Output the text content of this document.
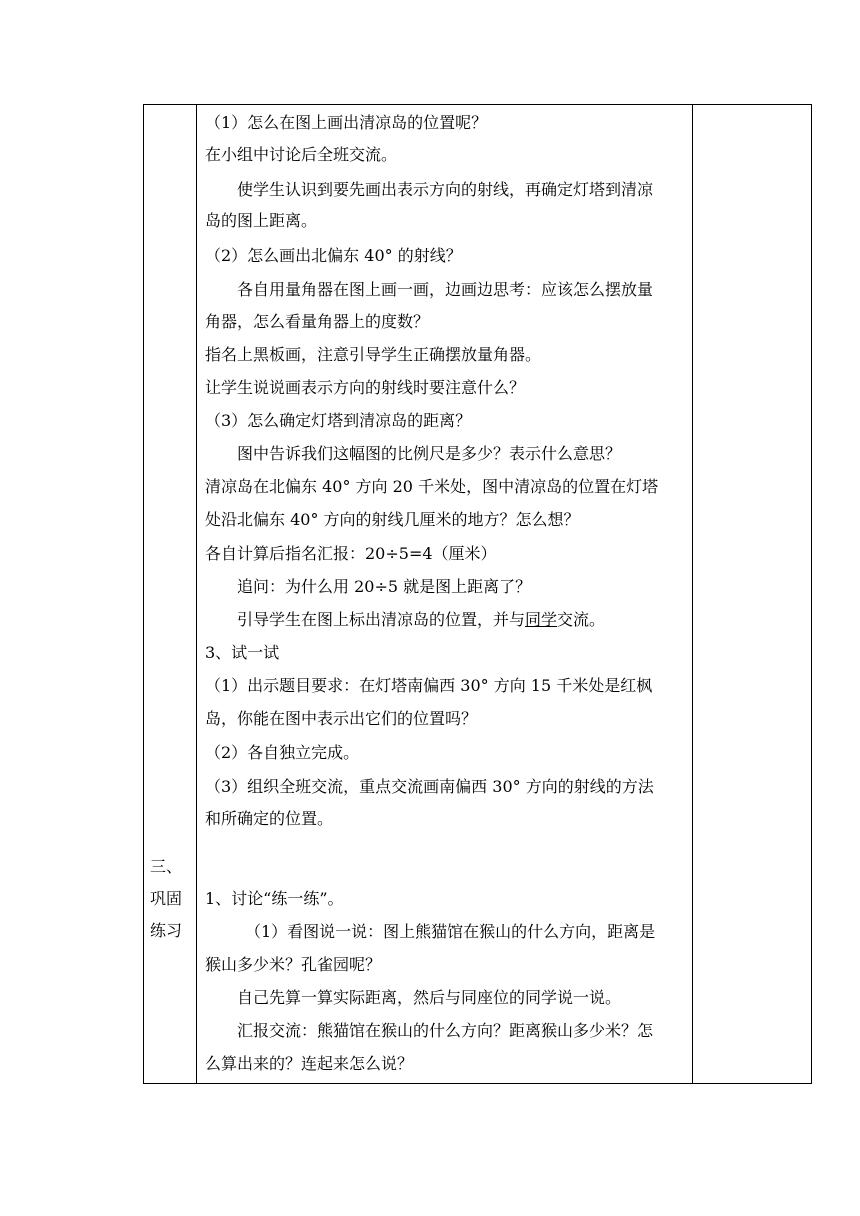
三、
巩固
练习

（1）怎么在图上画出清凉岛的位置呢？
在小组中讨论后全班交流。
使学生认识到要先画出表示方向的射线，再确定灯塔到清凉
岛的图上距离。
（2）怎么画出北偏东 40° 的射线？
各自用量角器在图上画一画，边画边思考：应该怎么摆放量
角器，怎么看量角器上的度数？
指名上黑板画，注意引导学生正确摆放量角器。
让学生说说画表示方向的射线时要注意什么？
（3）怎么确定灯塔到清凉岛的距离？
图中告诉我们这幅图的比例尺是多少？表示什么意思？
清凉岛在北偏东 40° 方向 20 千米处，图中清凉岛的位置在灯塔
处沿北偏东 40° 方向的射线几厘米的地方？怎么想？
各自计算后指名汇报：20÷5=4（厘米）
追问：为什么用 20÷5 就是图上距离了？
引导学生在图上标出清凉岛的位置，并与同学交流。
3、试一试
（1）出示题目要求：在灯塔南偏西 30° 方向 15 千米处是红枫
岛，你能在图中表示出它们的位置吗？
（2）各自独立完成。
（3）组织全班交流，重点交流画南偏西 30° 方向的射线的方法
和所确定的位置。
1、讨论“练一练”。
（1）看图说一说：图上熊猫馆在猴山的什么方向，距离是
猴山多少米？孔雀园呢？
自己先算一算实际距离，然后与同座位的同学说一说。
汇报交流：熊猫馆在猴山的什么方向？距离猴山多少米？怎
么算出来的？连起来怎么说？
